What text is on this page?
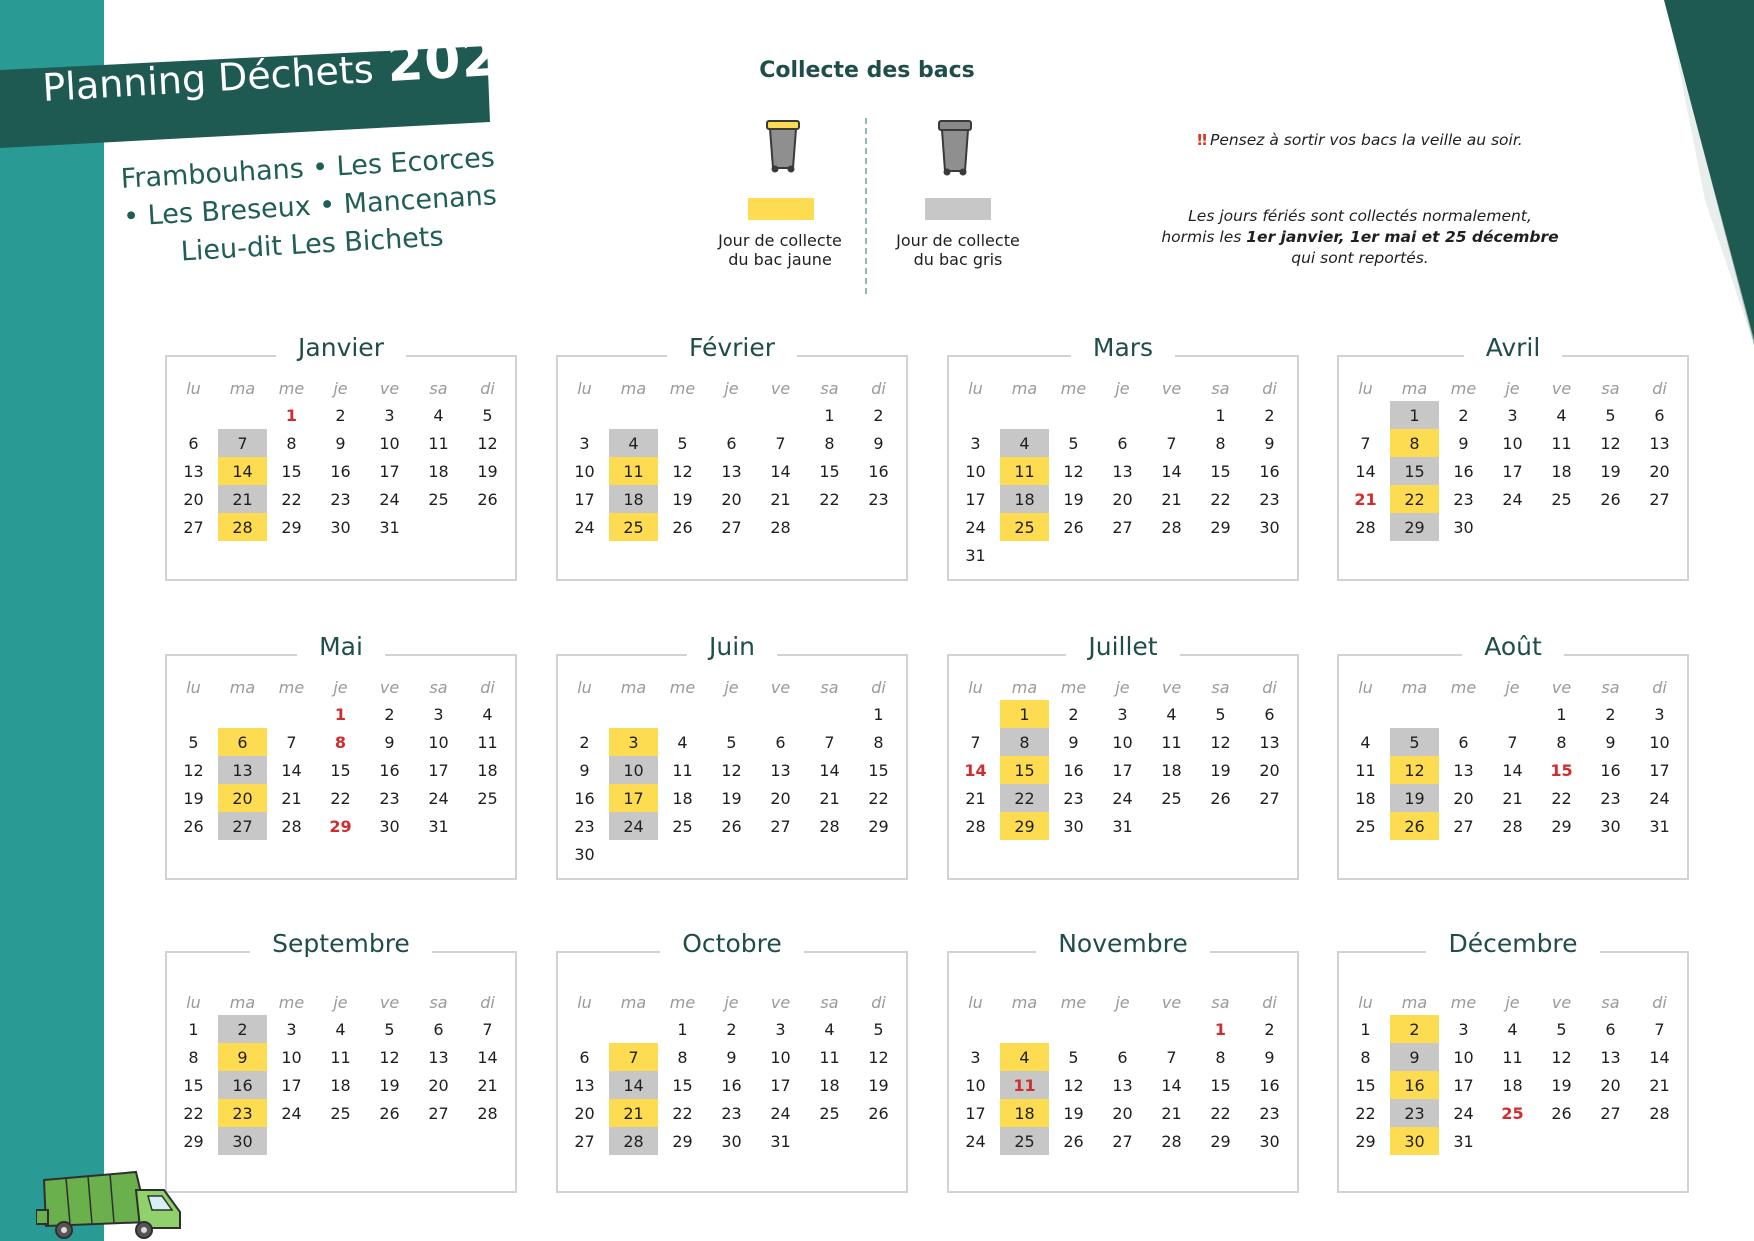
Planning Déchets 2025
Frambouhans • Les Ecorces
• Les Breseux • Mancenans
Lieu-dit Les Bichets
Collecte des bacs
Jour de collecte
du bac jaune
Jour de collecte
du bac gris
‼ Pensez à sortir vos bacs la veille au soir.
Les jours fériés sont collectés normalement,
hormis les 1er janvier, 1er mai et 25 décembre
qui sont reportés.
Janvier
lu	ma	me	je	ve	sa	di
		1	2	3	4	5
6	7	8	9	10	11	12
13	14	15	16	17	18	19
20	21	22	23	24	25	26
27	28	29	30	31		
Février
lu	ma	me	je	ve	sa	di
					1	2
3	4	5	6	7	8	9
10	11	12	13	14	15	16
17	18	19	20	21	22	23
24	25	26	27	28		
Mars
lu	ma	me	je	ve	sa	di
					1	2
3	4	5	6	7	8	9
10	11	12	13	14	15	16
17	18	19	20	21	22	23
24	25	26	27	28	29	30
31						
Avril
lu	ma	me	je	ve	sa	di
	1	2	3	4	5	6
7	8	9	10	11	12	13
14	15	16	17	18	19	20
21	22	23	24	25	26	27
28	29	30				
Mai
lu	ma	me	je	ve	sa	di
			1	2	3	4
5	6	7	8	9	10	11
12	13	14	15	16	17	18
19	20	21	22	23	24	25
26	27	28	29	30	31	
Juin
lu	ma	me	je	ve	sa	di
						1
2	3	4	5	6	7	8
9	10	11	12	13	14	15
16	17	18	19	20	21	22
23	24	25	26	27	28	29
30						
Juillet
lu	ma	me	je	ve	sa	di
	1	2	3	4	5	6
7	8	9	10	11	12	13
14	15	16	17	18	19	20
21	22	23	24	25	26	27
28	29	30	31			
Août
lu	ma	me	je	ve	sa	di
				1	2	3
4	5	6	7	8	9	10
11	12	13	14	15	16	17
18	19	20	21	22	23	24
25	26	27	28	29	30	31
Septembre
lu	ma	me	je	ve	sa	di
1	2	3	4	5	6	7
8	9	10	11	12	13	14
15	16	17	18	19	20	21
22	23	24	25	26	27	28
29	30					
Octobre
lu	ma	me	je	ve	sa	di
		1	2	3	4	5
6	7	8	9	10	11	12
13	14	15	16	17	18	19
20	21	22	23	24	25	26
27	28	29	30	31		
Novembre
lu	ma	me	je	ve	sa	di
					1	2
3	4	5	6	7	8	9
10	11	12	13	14	15	16
17	18	19	20	21	22	23
24	25	26	27	28	29	30
Décembre
lu	ma	me	je	ve	sa	di
1	2	3	4	5	6	7
8	9	10	11	12	13	14
15	16	17	18	19	20	21
22	23	24	25	26	27	28
29	30	31				
